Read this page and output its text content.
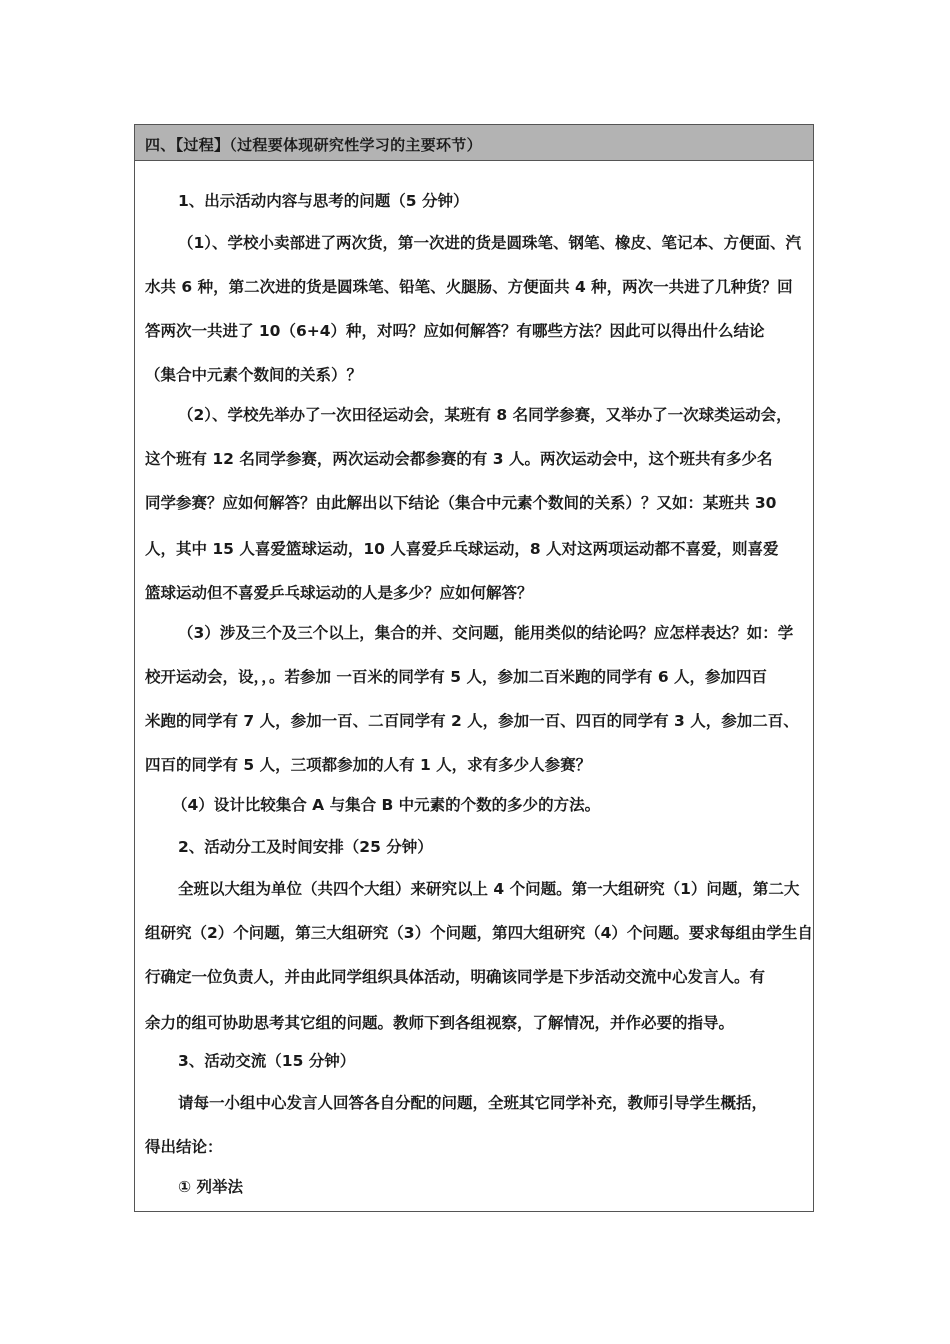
四、【过程】（过程要体现研究性学习的主要环节）
1、出示活动内容与思考的问题（5 分钟）
（1）、学校小卖部进了两次货，第一次进的货是圆珠笔、钢笔、橡皮、笔记本、方便面、汽
水共 6 种，第二次进的货是圆珠笔、铅笔、火腿肠、方便面共 4 种，两次一共进了几种货？回
答两次一共进了 10（6+4）种，对吗？应如何解答？有哪些方法？因此可以得出什么结论
（集合中元素个数间的关系）？
（2）、学校先举办了一次田径运动会，某班有 8 名同学参赛，又举办了一次球类运动会，
这个班有 12 名同学参赛，两次运动会都参赛的有 3 人。两次运动会中，这个班共有多少名
同学参赛？应如何解答？由此解出以下结论（集合中元素个数间的关系）？又如：某班共 30
人，其中 15 人喜爱篮球运动，10 人喜爱乒乓球运动，8 人对这两项运动都不喜爱，则喜爱
篮球运动但不喜爱乒乓球运动的人是多少？应如何解答？
（3）涉及三个及三个以上，集合的并、交问题，能用类似的结论吗？应怎样表达？如：学
校开运动会，设，，。若参加 一百米的同学有 5 人，参加二百米跑的同学有 6 人，参加四百
米跑的同学有 7 人，参加一百、二百同学有 2 人，参加一百、四百的同学有 3 人，参加二百、
四百的同学有 5 人，三项都参加的人有 1 人，求有多少人参赛？
（4）设计比较集合 A 与集合 B 中元素的个数的多少的方法。
2、活动分工及时间安排（25 分钟）
全班以大组为单位（共四个大组）来研究以上 4 个问题。第一大组研究（1）问题，第二大
组研究（2）个问题，第三大组研究（3）个问题，第四大组研究（4）个问题。要求每组由学生自
行确定一位负责人，并由此同学组织具体活动，明确该同学是下步活动交流中心发言人。有
余力的组可协助思考其它组的问题。教师下到各组视察，了解情况，并作必要的指导。
3、活动交流（15 分钟）
请每一小组中心发言人回答各自分配的问题，全班其它同学补充，教师引导学生概括，
得出结论：
① 列举法
